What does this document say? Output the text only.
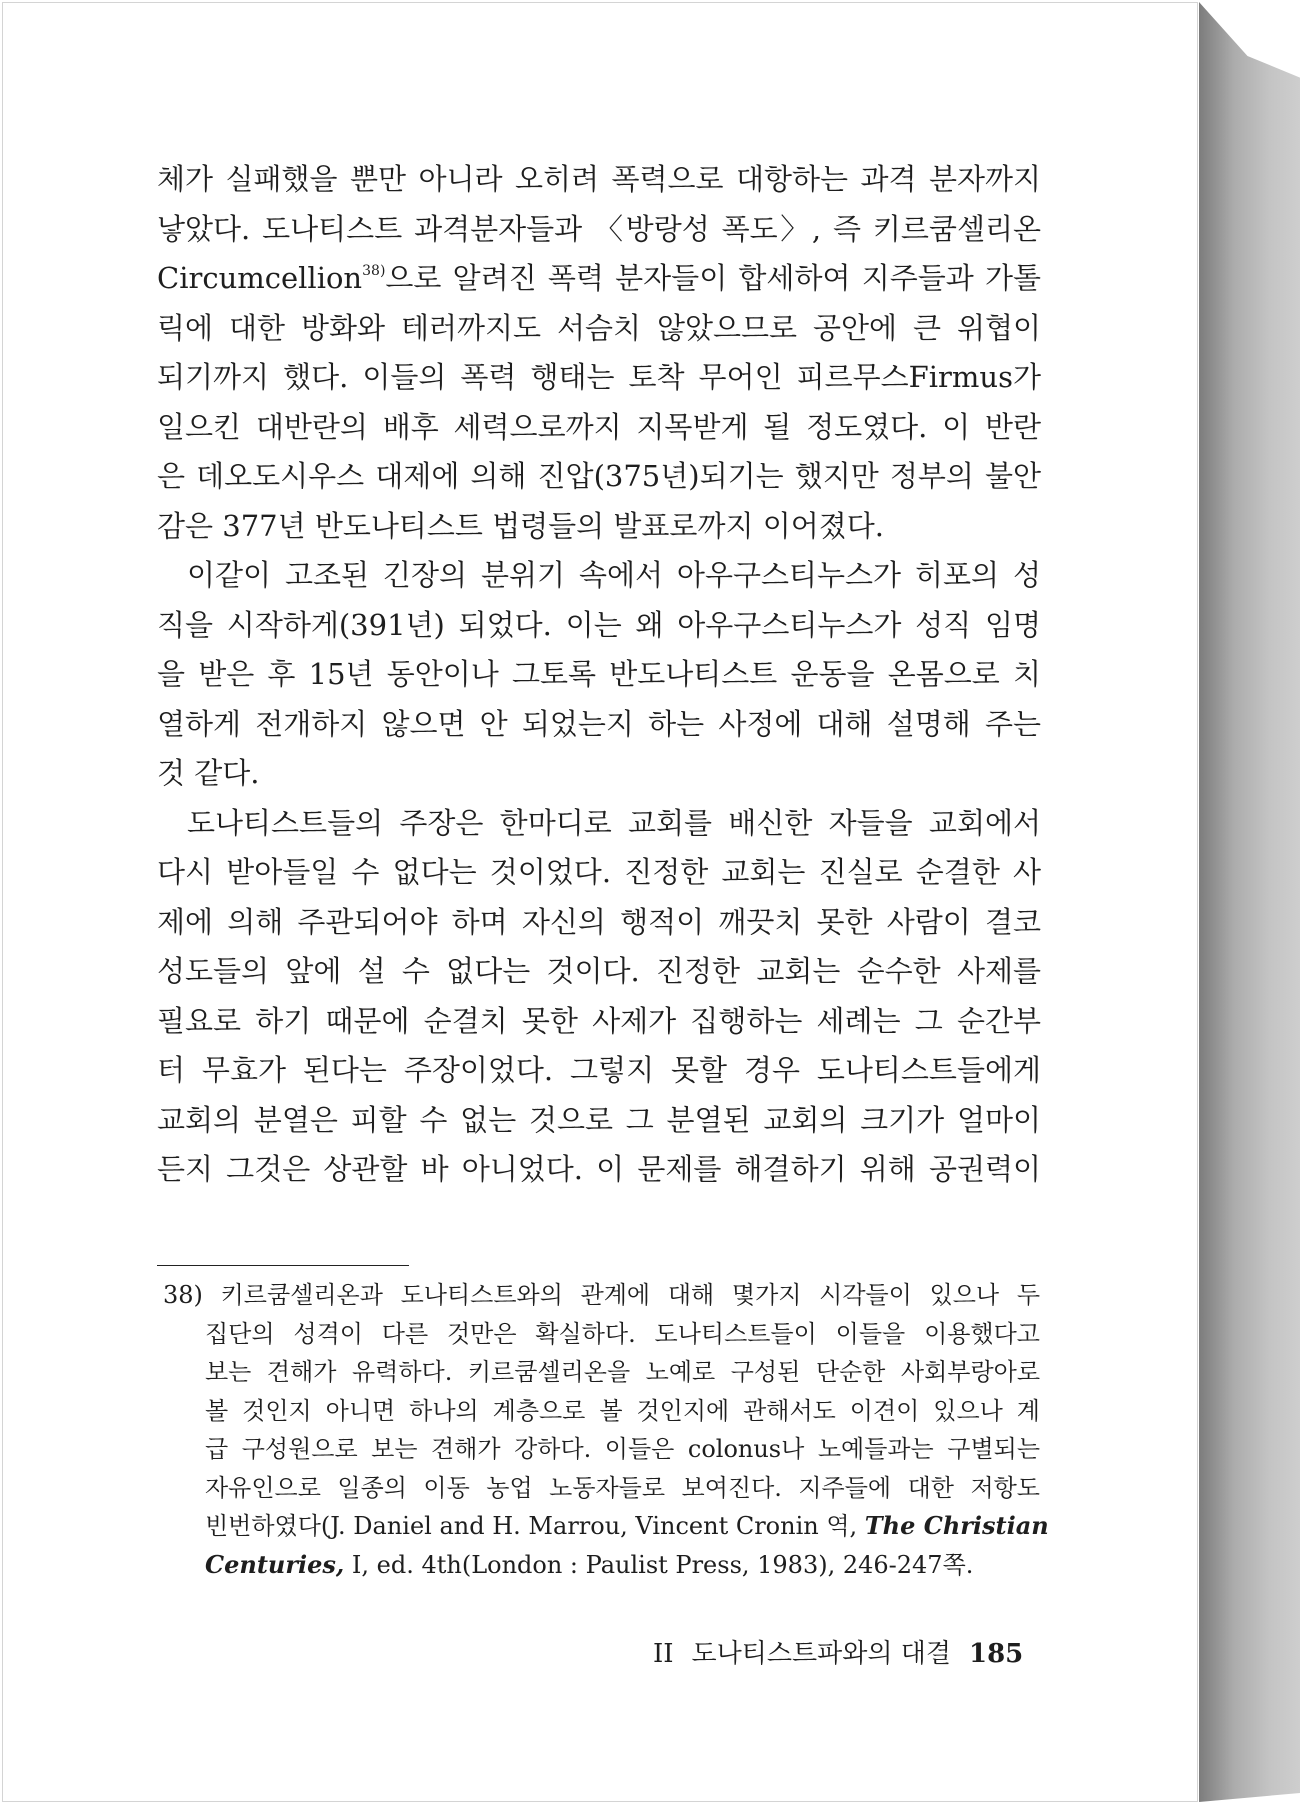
체가 실패했을 뿐만 아니라 오히려 폭력으로 대항하는 과격 분자까지
낳았다. 도나티스트 과격분자들과 〈방랑성 폭도〉, 즉 키르쿰셀리온
Circumcellion$^{38)}$으로 알려진 폭력 분자들이 합세하여 지주들과 가톨
릭에 대한 방화와 테러까지도 서슴치 않았으므로 공안에 큰 위협이
되기까지 했다. 이들의 폭력 행태는 토착 무어인 피르무스Firmus가
일으킨 대반란의 배후 세력으로까지 지목받게 될 정도였다. 이 반란
은 데오도시우스 대제에 의해 진압(375년)되기는 했지만 정부의 불안
감은 377년 반도나티스트 법령들의 발표로까지 이어졌다.
이같이 고조된 긴장의 분위기 속에서 아우구스티누스가 히포의 성
직을 시작하게(391년) 되었다. 이는 왜 아우구스티누스가 성직 임명
을 받은 후 15년 동안이나 그토록 반도나티스트 운동을 온몸으로 치
열하게 전개하지 않으면 안 되었는지 하는 사정에 대해 설명해 주는
것 같다.
도나티스트들의 주장은 한마디로 교회를 배신한 자들을 교회에서
다시 받아들일 수 없다는 것이었다. 진정한 교회는 진실로 순결한 사
제에 의해 주관되어야 하며 자신의 행적이 깨끗치 못한 사람이 결코
성도들의 앞에 설 수 없다는 것이다. 진정한 교회는 순수한 사제를
필요로 하기 때문에 순결치 못한 사제가 집행하는 세례는 그 순간부
터 무효가 된다는 주장이었다. 그렇지 못할 경우 도나티스트들에게
교회의 분열은 피할 수 없는 것으로 그 분열된 교회의 크기가 얼마이
든지 그것은 상관할 바 아니었다. 이 문제를 해결하기 위해 공권력이
38) 키르쿰셀리온과 도나티스트와의 관계에 대해 몇가지 시각들이 있으나 두
집단의 성격이 다른 것만은 확실하다. 도나티스트들이 이들을 이용했다고
보는 견해가 유력하다. 키르쿰셀리온을 노예로 구성된 단순한 사회부랑아로
볼 것인지 아니면 하나의 계층으로 볼 것인지에 관해서도 이견이 있으나 계
급 구성원으로 보는 견해가 강하다. 이들은 colonus나 노예들과는 구별되는
자유인으로 일종의 이동 농업 노동자들로 보여진다. 지주들에 대한 저항도
빈번하였다(J. Daniel and H. Marrou, Vincent Cronin 역, The Christian
Centuries, Ⅰ, ed. 4th(London : Paulist Press, 1983), 246-247쪽.
II 도나티스트파와의 대결 185
